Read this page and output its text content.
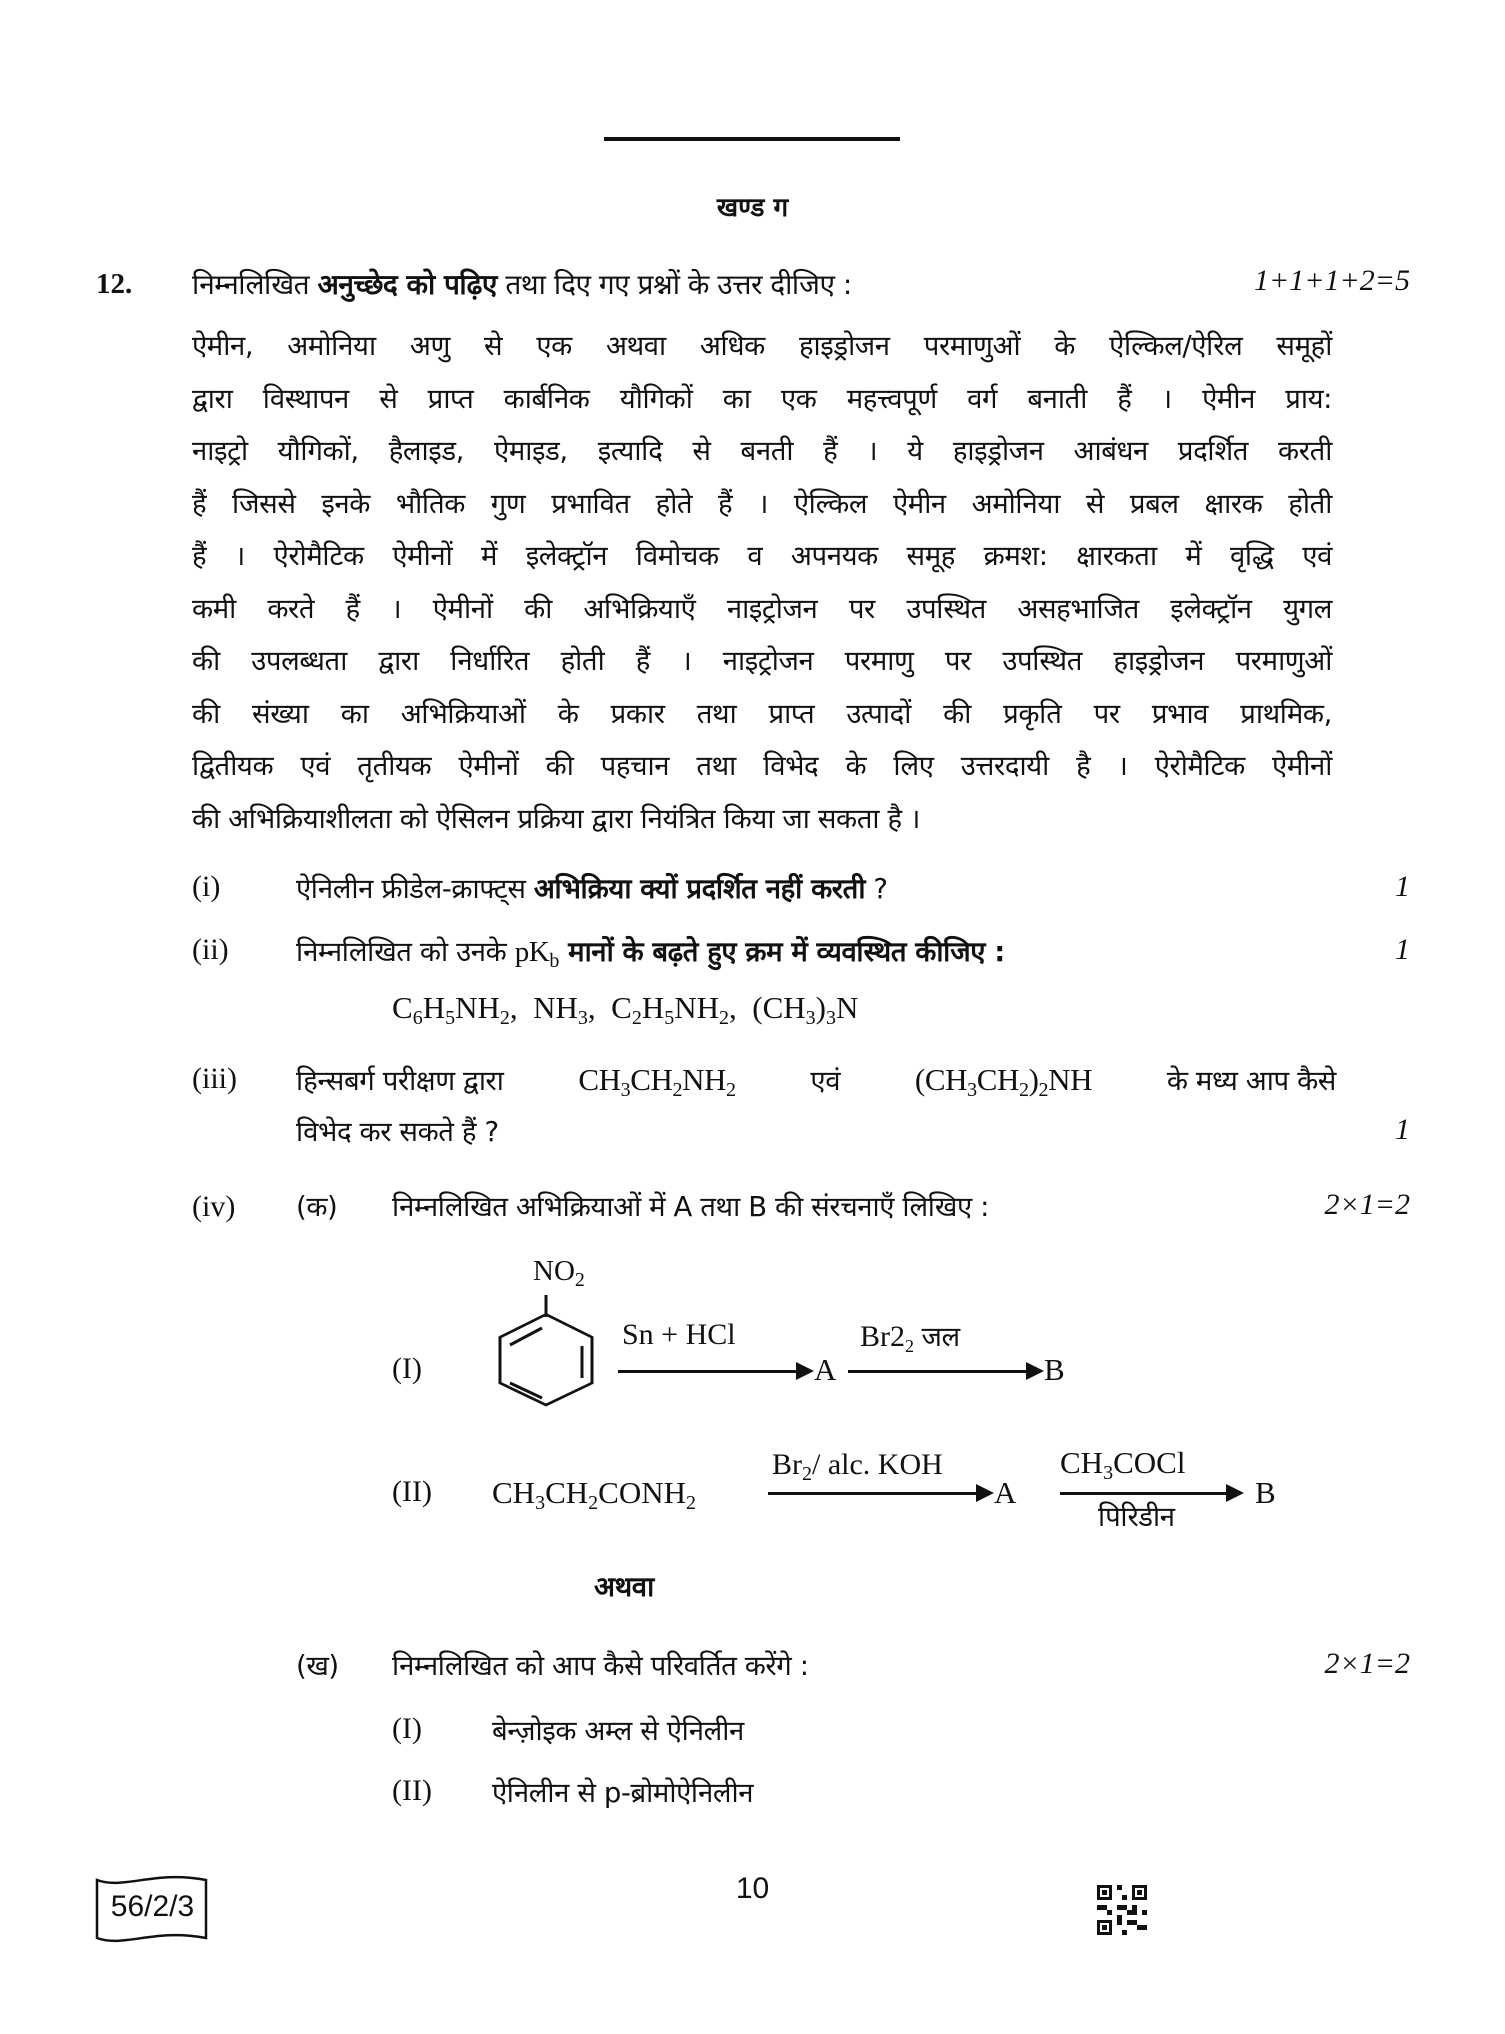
खण्ड ग
12. निम्नलिखित अनुच्छेद को पढ़िए तथा दिए गए प्रश्नों के उत्तर दीजिए :	1+1+1+2=5
ऐमीन, अमोनिया अणु से एक अथवा अधिक हाइड्रोजन परमाणुओं के ऐल्किल/ऐरिल समूहों
द्वारा विस्थापन से प्राप्त कार्बनिक यौगिकों का एक महत्त्वपूर्ण वर्ग बनाती हैं । ऐमीन प्राय:
नाइट्रो यौगिकों, हैलाइड, ऐमाइड, इत्यादि से बनती हैं । ये हाइड्रोजन आबंधन प्रदर्शित करती
हैं जिससे इनके भौतिक गुण प्रभावित होते हैं । ऐल्किल ऐमीन अमोनिया से प्रबल क्षारक होती
हैं । ऐरोमैटिक ऐमीनों में इलेक्ट्रॉन विमोचक व अपनयक समूह क्रमश: क्षारकता में वृद्धि एवं
कमी करते हैं । ऐमीनों की अभिक्रियाएँ नाइट्रोजन पर उपस्थित असहभाजित इलेक्ट्रॉन युगल
की उपलब्धता द्वारा निर्धारित होती हैं । नाइट्रोजन परमाणु पर उपस्थित हाइड्रोजन परमाणुओं
की संख्या का अभिक्रियाओं के प्रकार तथा प्राप्त उत्पादों की प्रकृति पर प्रभाव प्राथमिक,
द्वितीयक एवं तृतीयक ऐमीनों की पहचान तथा विभेद के लिए उत्तरदायी है । ऐरोमैटिक ऐमीनों
की अभिक्रियाशीलता को ऐसिलन प्रक्रिया द्वारा नियंत्रित किया जा सकता है ।
(i)	ऐनिलीन फ्रीडेल-क्राफ्ट्स अभिक्रिया क्यों प्रदर्शित नहीं करती ?	1
(ii) निम्नलिखित को उनके $pK_b$ मानों के बढ़ते हुए क्रम में व्यवस्थित कीजिए :	1
$C_6H_5NH_2$,  $NH_3$,  $C_2H_5NH_2$,  $(CH_3)_3N$
(iii) हिन्सबर्ग परीक्षण द्वारा $CH_3CH_2NH_2$	एवं $(CH_3CH_2)_2NH$	के मध्य आप कैसे
विभेद कर सकते हैं ?	1
(iv) (क) निम्नलिखित अभिक्रियाओं में A तथा B की संरचनाएँ लिखिए :	2×1=2
(I)
$NO_2$
Sn + HCl
A
$Br2_2$ जल
B
(II) $CH_3CH_2CONH_2$
$Br_2/$ alc. KOH
A
$CH_3COCl$
पिरिडीन
B
अथवा
(ख) निम्नलिखित को आप कैसे परिवर्तित करेंगे :	2×1=2
(I)	बेन्ज़ोइक अम्ल से ऐनिलीन
(II) ऐनिलीन से p-ब्रोमोऐनिलीन
56/2/3
10
